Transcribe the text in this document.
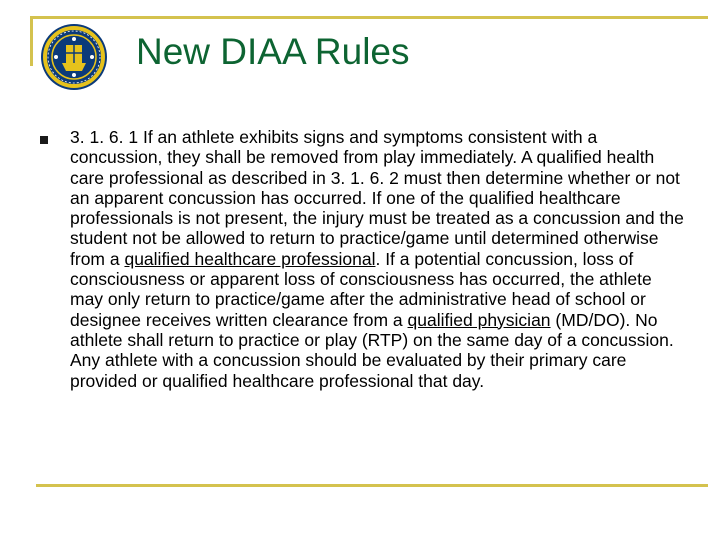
New DIAA Rules

3. 1. 6. 1 If an athlete exhibits signs and symptoms consistent with a concussion, they shall be removed from play immediately. A qualified health care professional as described in 3. 1. 6. 2 must then determine whether or not an apparent concussion has occurred. If one of the qualified healthcare professionals is not present, the injury must be treated as a concussion and the student not be allowed to return to practice/game until determined otherwise from a qualified healthcare professional. If a potential concussion, loss of consciousness or apparent loss of consciousness has occurred, the athlete may only return to practice/game after the administrative head of school or designee receives written clearance from a qualified physician (MD/DO). No athlete shall return to practice or play (RTP) on the same day of a concussion. Any athlete with a concussion should be evaluated by their primary care provided or qualified healthcare professional that day.
